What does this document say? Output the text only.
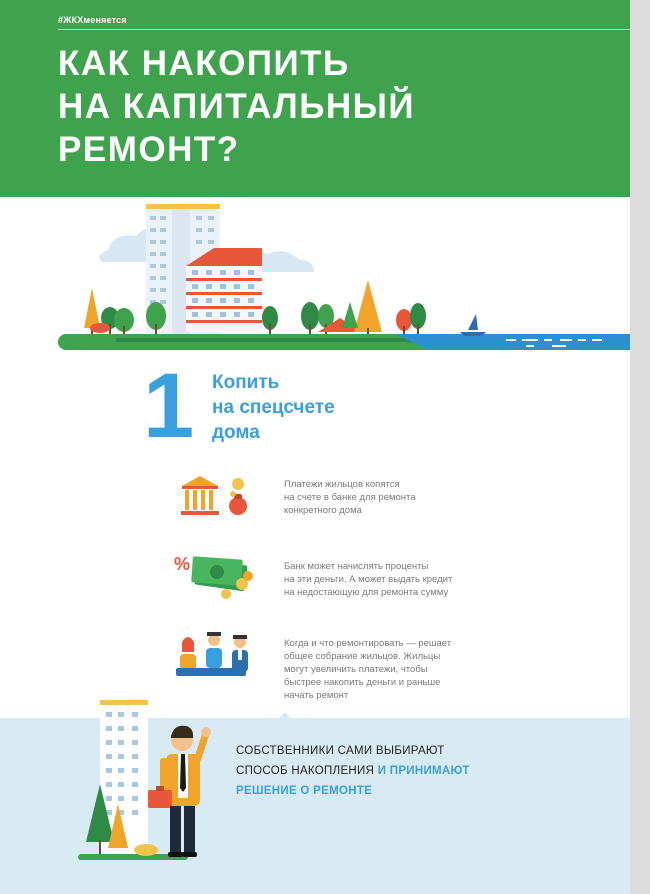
#ЖКХменяется
КАК НАКОПИТЬ
НА КАПИТАЛЬНЫЙ
РЕМОНТ?
1 Копить
на спецсчете
дома
Платежи жильцов копятся
на счете в банке для ремонта
конкретного дома
%	Банк может начислять проценты
на эти деньги. А может выдать кредит
на недостающую для ремонта сумму
Когда и что ремонтировать — решает
общее собрание жильцов. Жильцы
могут увеличить платежи, чтобы
быстрее накопить деньги и раньше
начать ремонт
СОБСТВЕННИКИ САМИ ВЫБИРАЮТ
СПОСОБ НАКОПЛЕНИЯ И ПРИНИМАЮТ
РЕШЕНИЕ О РЕМОНТЕ
